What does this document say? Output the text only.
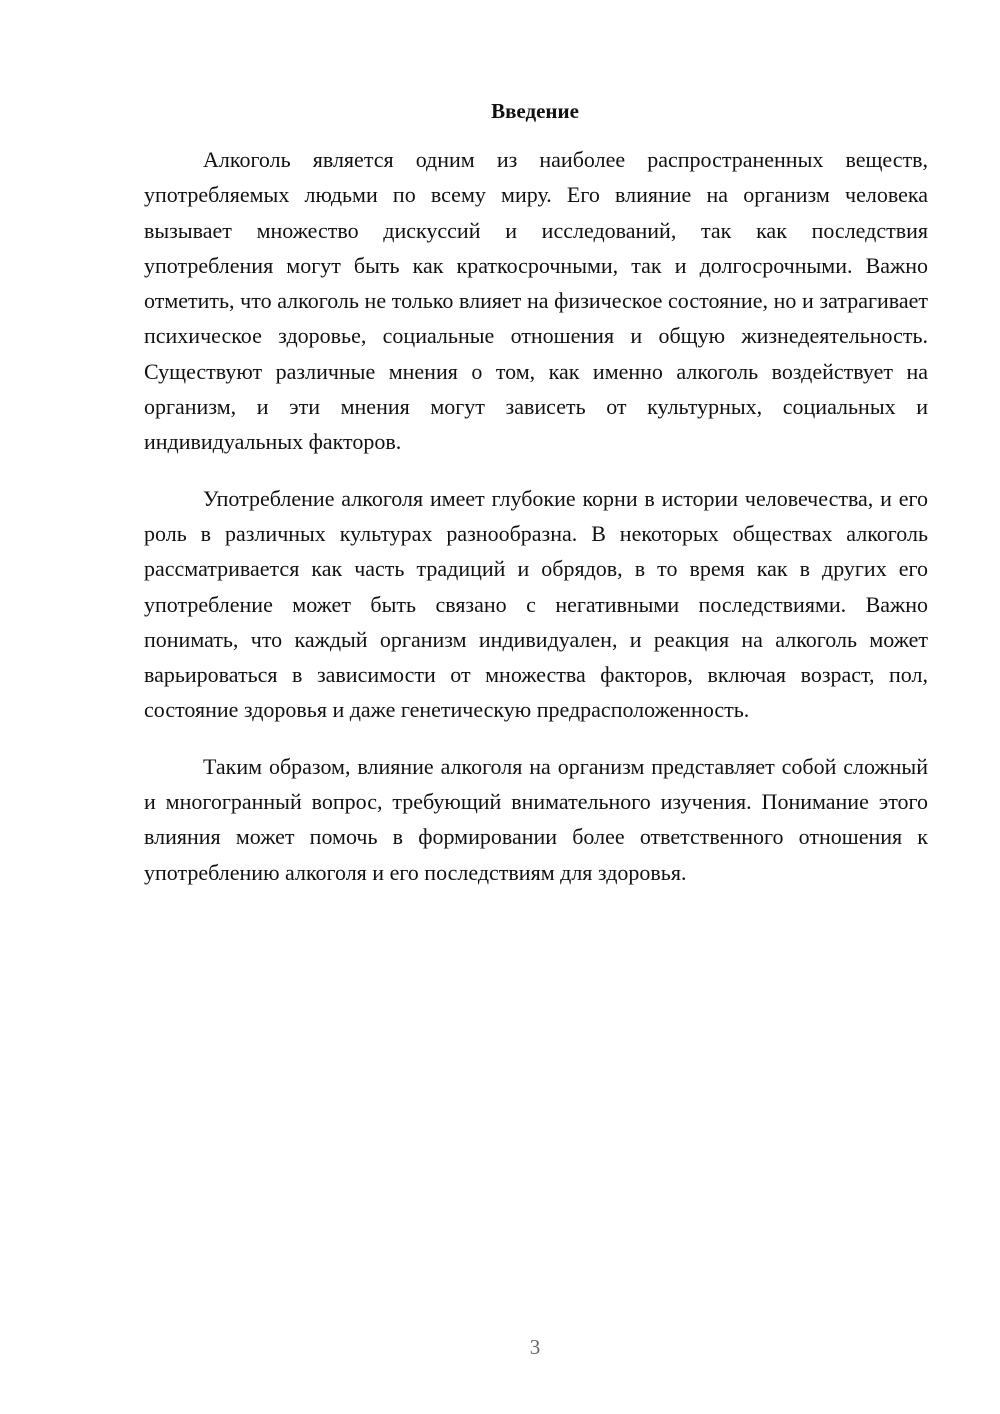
Введение

Алкоголь является одним из наиболее распространенных веществ, употребляемых людьми по всему миру. Его влияние на организм человека вызывает множество дискуссий и исследований, так как последствия употребления могут быть как краткосрочными, так и долгосрочными. Важно отметить, что алкоголь не только влияет на физическое состояние, но и затрагивает психическое здоровье, социальные отношения и общую жизнедеятельность. Существуют различные мнения о том, как именно алкоголь воздействует на организм, и эти мнения могут зависеть от культурных, социальных и индивидуальных факторов.

Употребление алкоголя имеет глубокие корни в истории человечества, и его роль в различных культурах разнообразна. В некоторых обществах алкоголь рассматривается как часть традиций и обрядов, в то время как в других его употребление может быть связано с негативными последствиями. Важно понимать, что каждый организм индивидуален, и реакция на алкоголь может варьироваться в зависимости от множества факторов, включая возраст, пол, состояние здоровья и даже генетическую предрасположенность.

Таким образом, влияние алкоголя на организм представляет собой сложный и многогранный вопрос, требующий внимательного изучения. Понимание этого влияния может помочь в формировании более ответственного отношения к употреблению алкоголя и его последствиям для здоровья.

3
